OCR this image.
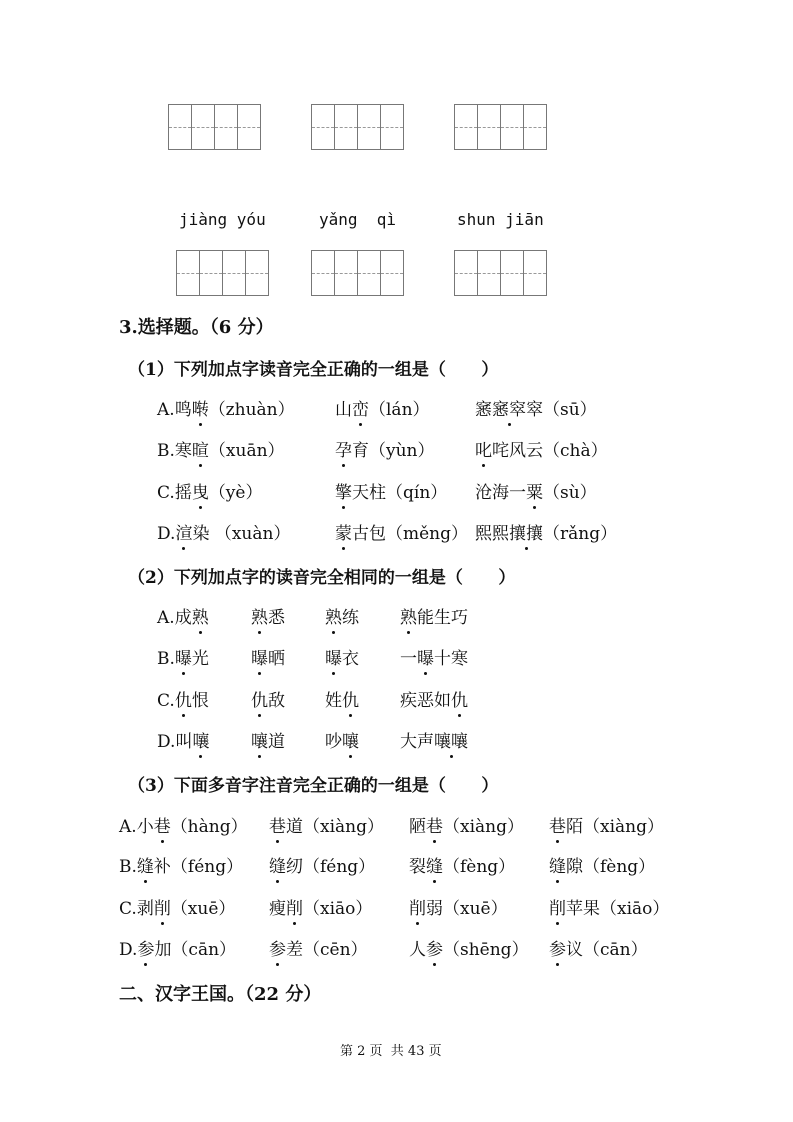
jiàng yóu	yǎng  qì	shun jiān
3.选择题。（6 分）
（1）下列加点字读音完全正确的一组是（      ）
A.鸣啭（zhuàn） 山峦（lán）	窸窸窣窣（sū）
B.寒暄（xuān）	孕育（yùn） 叱咤风云（chà）
C.摇曳（yè）	擎天柱（qín） 沧海一粟（sù）
D.渲染 （xuàn）	蒙古包（měng） 熙熙攘攘（rǎng）
（2）下列加点字的读音完全相同的一组是（      ）
A.成熟 熟悉 熟练 熟能生巧
B.曝光 曝晒 曝衣 一曝十寒
C.仇恨 仇敌 姓仇 疾恶如仇
D.叫嚷 嚷道 吵嚷 大声嚷嚷
（3）下面多音字注音完全正确的一组是（      ）
A.小巷（hàng） 巷道（xiàng） 陋巷（xiàng） 巷陌（xiàng）
B.缝补（féng） 缝纫（féng） 裂缝（fèng） 缝隙（fèng）
C.剥削（xuē） 瘦削（xiāo） 削弱（xuē） 削苹果（xiāo）
D.参加（cān） 参差（cēn） 人参（shēng） 参议（cān）
二、汉字王国。（22 分）
第 2 页  共 43 页
